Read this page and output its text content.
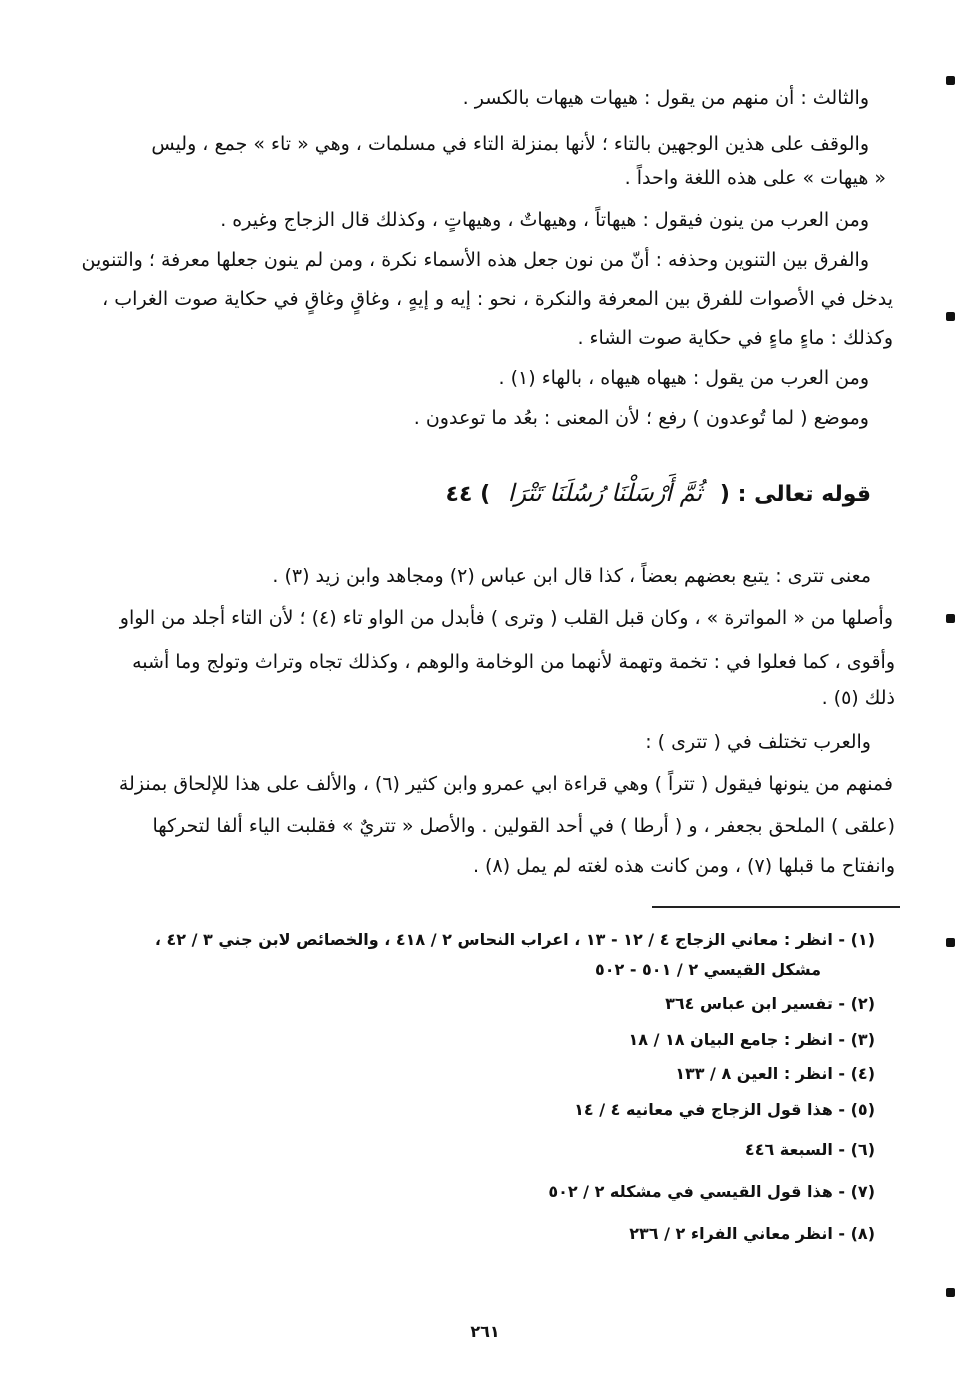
والثالث : أن منهم من يقول : هيهات هيهات بالكسر .
والوقف على هذين الوجهين بالتاء ؛ لأنها بمنزلة التاء في مسلمات ، وهي « تاء » جمع ، وليس
« هيهات » على هذه اللغة واحداً .
ومن العرب من ينون فيقول : هيهاتاً ، وهيهاتٌ ، وهيهاتٍ ، وكذلك قال الزجاج وغيره .
والفرق بين التنوين وحذفه : أنّ من نون جعل هذه الأسماء نكرة ، ومن لم ينون جعلها معرفة ؛ والتنوين
يدخل في الأصوات للفرق بين المعرفة والنكرة ، نحو : إيه و إيهٍ ، وغاقٍ وغاقٍ في حكاية صوت الغراب ،
وكذلك : ماءٍ ماءٍ في حكاية صوت الشاء .
ومن العرب من يقول : هيهاه هيهاه ، بالهاء (١) .
وموضع ( لما تُوعدون ) رفع ؛ لأن المعنى : بعُد ما توعدون .
قوله تعالى : ( ثُمَّ أَرْسَلْنَا رُسُلَنَا تَتْرَا ) ٤٤
معنى تترى : يتبع بعضهم بعضاً ، كذا قال ابن عباس (٢) ومجاهد وابن زيد (٣) .
وأصلها من « المواترة » ، وكان قبل القلب ( وترى ) فأبدل من الواو تاء (٤) ؛ لأن التاء أجلد من الواو
وأقوى ، كما فعلوا في : تخمة وتهمة لأنهما من الوخامة والوهم ، وكذلك تجاه وتراث وتولج وما أشبه
ذلك (٥) .
والعرب تختلف في ( تترى ) :
فمنهم من ينونها فيقول ( تتراً ) وهي قراءة ابي عمرو وابن كثير (٦) ، والألف على هذا للإلحاق بمنزلة
(علقى ) الملحق بجعفر ، و ( أرطا ) في أحد القولين . والأصل « تتريٌ » فقلبت الياء ألفا لتحركها
وانفتاح ما قبلها (٧) ، ومن كانت هذه لغته لم يمل (٨) .
(١) - انظر : معاني الزجاج ٤ / ١٢ - ١٣ ، اعراب النحاس ٢ / ٤١٨ ، والخصائص لابن جني ٣ / ٤٢ ،
مشكل القيسي ٢ / ٥٠١ - ٥٠٢
(٢) - تفسير ابن عباس ٣٦٤
(٣) - انظر : جامع البيان ١٨ / ١٨
(٤) - انظر : العين ٨ / ١٣٣
(٥) - هذا قول الزجاج في معانيه ٤ / ١٤
(٦) - السبعة ٤٤٦
(٧) - هذا قول القيسي في مشكله ٢ / ٥٠٢
(٨) - انظر معاني الفراء ٢ / ٢٣٦
٢٦١
